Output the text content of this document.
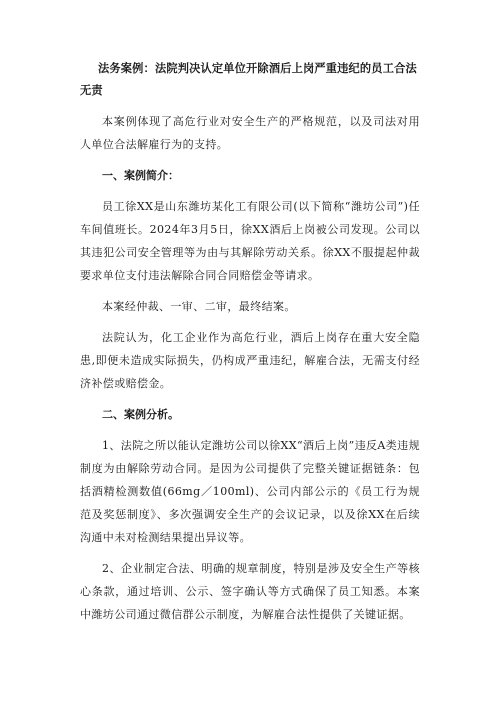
法务案例：法院判决认定单位开除酒后上岗严重违纪的员工合法无责

本案例体现了高危行业对安全生产的严格规范，以及司法对用人单位合法解雇行为的支持。

一、案例简介：

员工徐XX是山东潍坊某化工有限公司(以下简称“潍坊公司”)任车间值班长。2024年3月5日，徐XX酒后上岗被公司发现。公司以其违犯公司安全管理等为由与其解除劳动关系。徐XX不服提起仲裁要求单位支付违法解除合同合同赔偿金等请求。

本案经仲裁、一审、二审，最终结案。

法院认为，化工企业作为高危行业，酒后上岗存在重大安全隐患,即便未造成实际损失，仍构成严重违纪，解雇合法，无需支付经济补偿或赔偿金。

二、案例分析。

1、法院之所以能认定潍坊公司以徐XX“酒后上岗”违反A类违规制度为由解除劳动合同。是因为公司提供了完整关键证据链条：包括酒精检测数值(66mg／100ml)、公司内部公示的《员工行为规范及奖惩制度》、多次强调安全生产的会议记录，以及徐XX在后续沟通中未对检测结果提出异议等。

2、企业制定合法、明确的规章制度，特别是涉及安全生产等核心条款，通过培训、公示、签字确认等方式确保了员工知悉。本案中潍坊公司通过微信群公示制度，为解雇合法性提供了关键证据。
